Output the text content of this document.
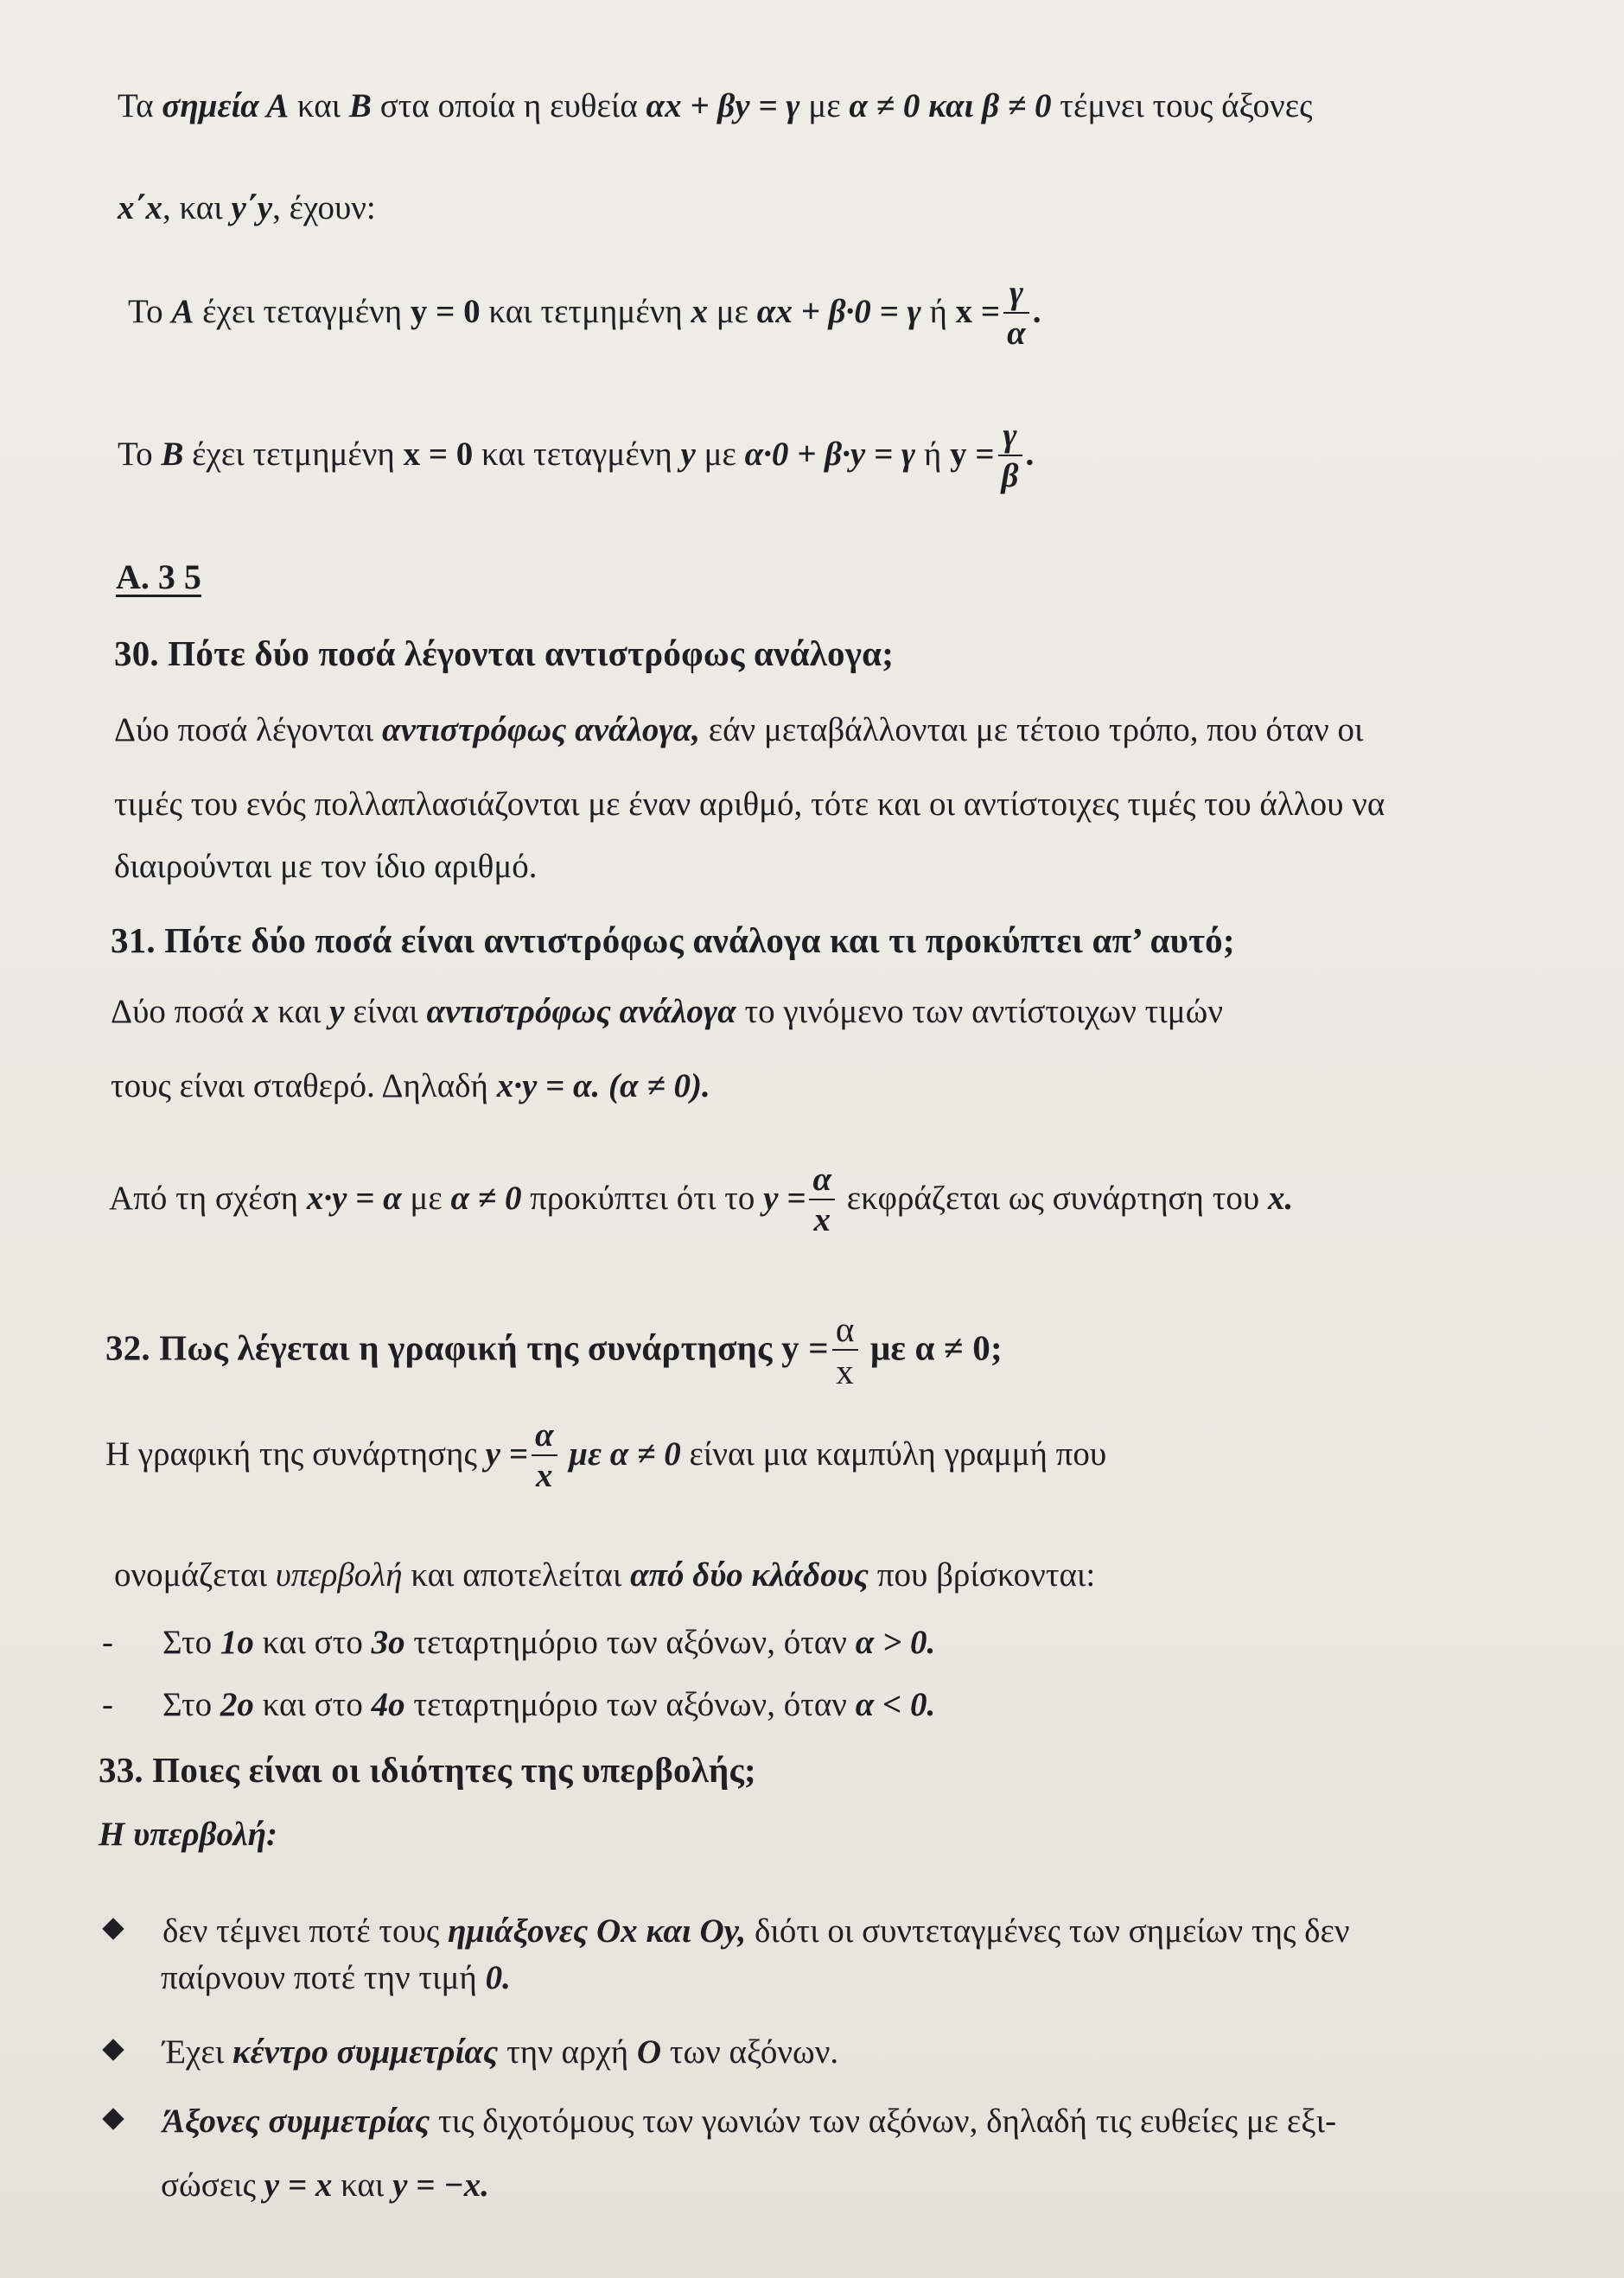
Τα σημεία Α και Β στα οποία η ευθεία αx + βy = γ με α ≠ 0 και β ≠ 0 τέμνει τους άξονες
x΄x, και y΄y, έχουν:
Το Α έχει τεταγμένη y = 0 και τετμημένη x με αx + β·0 = γ ή $x = \frac{\gamma}{\alpha}$ .
Το Β έχει τετμημένη x = 0 και τεταγμένη y με α·0 + β·y = γ ή $y = \frac{\gamma}{\beta}$ .
Α. 3 5
30. Πότε δύο ποσά λέγονται αντιστρόφως ανάλογα;
Δύο ποσά λέγονται αντιστρόφως ανάλογα, εάν μεταβάλλονται με τέτοιο τρόπο, που όταν οι
τιμές του ενός πολλαπλασιάζονται με έναν αριθμό, τότε και οι αντίστοιχες τιμές του άλλου να
διαιρούνται με τον ίδιο αριθμό.
31. Πότε δύο ποσά είναι αντιστρόφως ανάλογα και τι προκύπτει απ’ αυτό;
Δύο ποσά x και y είναι αντιστρόφως ανάλογα το γινόμενο των αντίστοιχων τιμών
τους είναι σταθερό. Δηλαδή x·y = α. (α ≠ 0).
Από τη σχέση x·y = α με α ≠ 0 προκύπτει ότι το $y = \frac{\alpha}{x}$ εκφράζεται ως συνάρτηση του x.
32. Πως λέγεται η γραφική της συνάρτησης $y = \frac{\alpha}{x}$ με α ≠ 0;
Η γραφική της συνάρτησης $y = \frac{\alpha}{x}$ με α ≠ 0 είναι μια καμπύλη γραμμή που
ονομάζεται υπερβολή και αποτελείται από δύο κλάδους που βρίσκονται:
- Στο 1ο και στο 3ο τεταρτημόριο των αξόνων, όταν α > 0.
- Στο 2ο και στο 4ο τεταρτημόριο των αξόνων, όταν α < 0.
33. Ποιες είναι οι ιδιότητες της υπερβολής;
Η υπερβολή:
δεν τέμνει ποτέ τους ημιάξονες Οx και Οy, διότι οι συντεταγμένες των σημείων της δεν
παίρνουν ποτέ την τιμή 0.
Έχει κέντρο συμμετρίας την αρχή Ο των αξόνων.
Άξονες συμμετρίας τις διχοτόμους των γωνιών των αξόνων, δηλαδή τις ευθείες με εξι-
σώσεις y = x και y = −x.
